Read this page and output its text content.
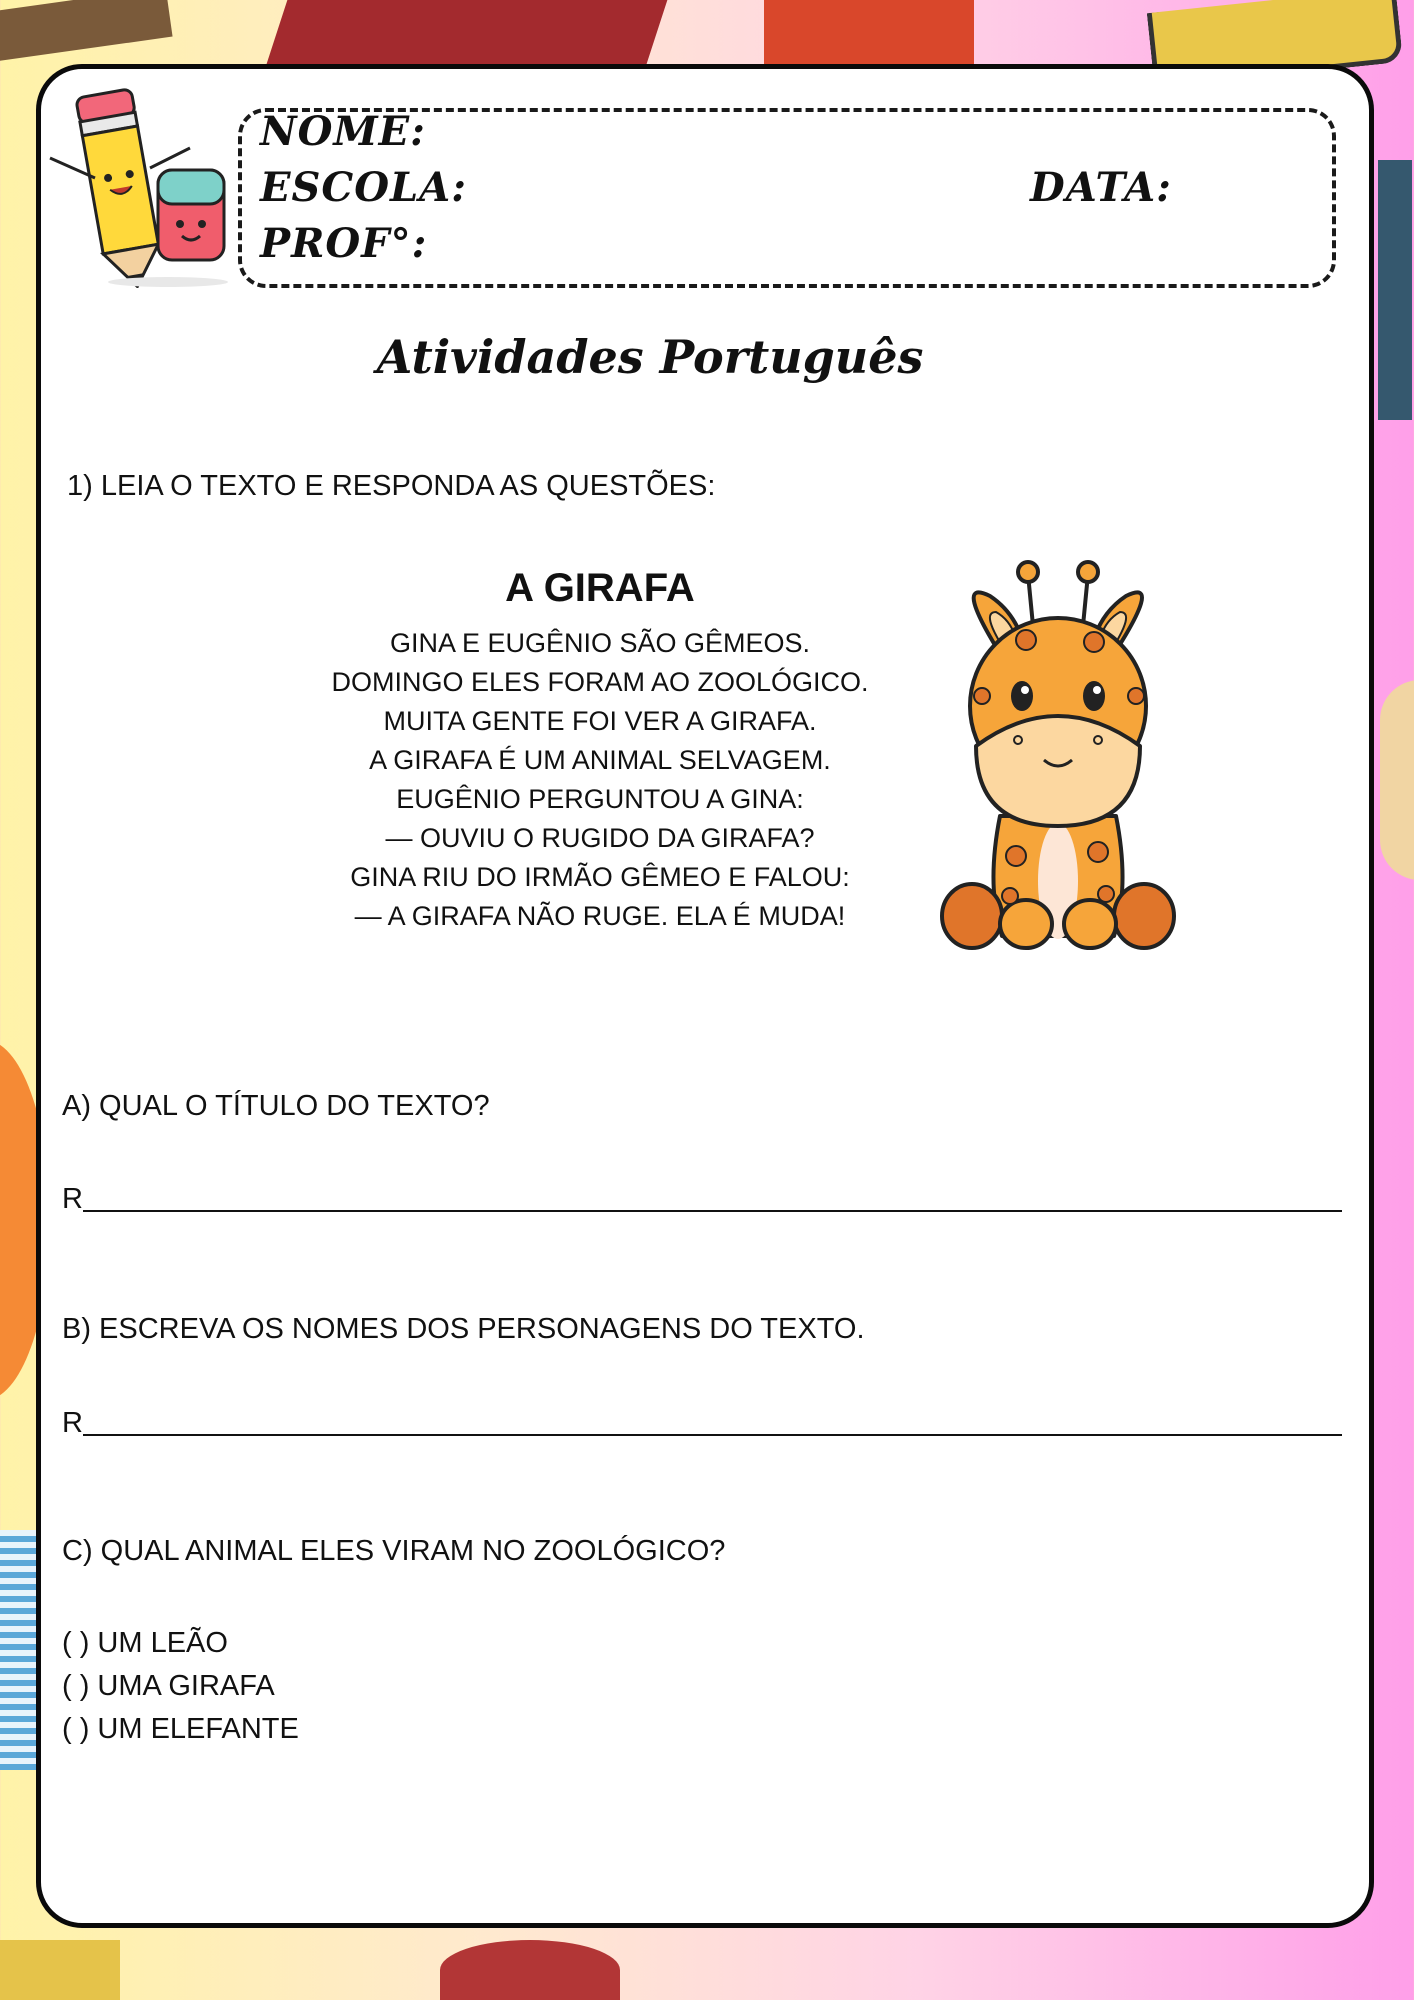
NOME:
ESCOLA:	DATA:
PROF°:
Atividades Português
1) LEIA O TEXTO E RESPONDA AS QUESTÕES:
A GIRAFA
GINA E EUGÊNIO SÃO GÊMEOS.
DOMINGO ELES FORAM AO ZOOLÓGICO.
MUITA GENTE FOI VER A GIRAFA.
A GIRAFA É UM ANIMAL SELVAGEM.
EUGÊNIO PERGUNTOU A GINA:
— OUVIU O RUGIDO DA GIRAFA?
GINA RIU DO IRMÃO GÊMEO E FALOU:
— A GIRAFA NÃO RUGE. ELA É MUDA!
A) QUAL O TÍTULO DO TEXTO?
R
B) ESCREVA OS NOMES DOS PERSONAGENS DO TEXTO.
R
C) QUAL ANIMAL ELES VIRAM NO ZOOLÓGICO?
( ) UM LEÃO
( ) UMA GIRAFA
( ) UM ELEFANTE
